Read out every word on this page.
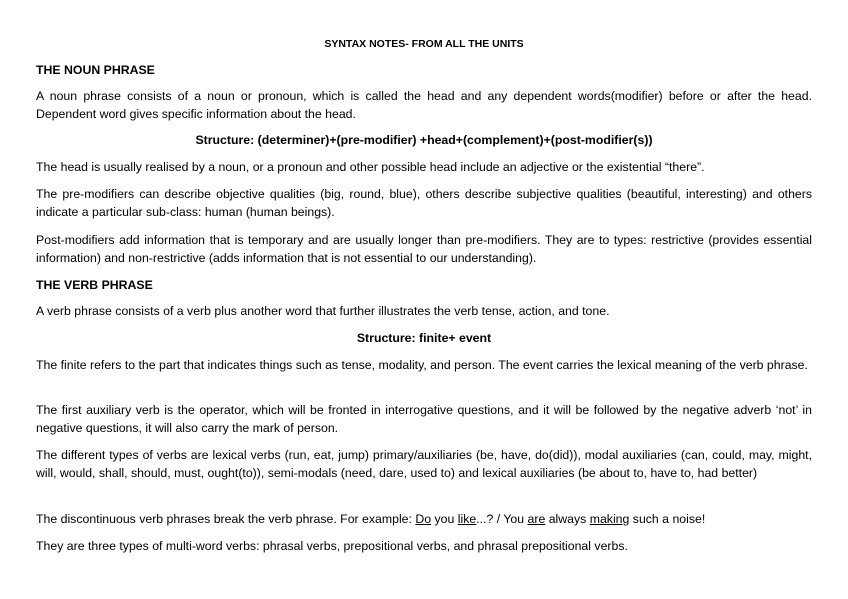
SYNTAX NOTES- FROM ALL THE UNITS
THE NOUN PHRASE
A noun phrase consists of a noun or pronoun, which is called the head and any dependent words(modifier) before or after the head. Dependent word gives specific information about the head.
Structure: (determiner)+(pre-modifier) +head+(complement)+(post-modifier(s))
The head is usually realised by a noun, or a pronoun and other possible head include an adjective or the existential “there”.
The pre-modifiers can describe objective qualities (big, round, blue), others describe subjective qualities (beautiful, interesting) and others indicate a particular sub-class: human (human beings).
Post-modifiers add information that is temporary and are usually longer than pre-modifiers. They are to types: restrictive (provides essential information) and non-restrictive (adds information that is not essential to our understanding).
THE VERB PHRASE
A verb phrase consists of a verb plus another word that further illustrates the verb tense, action, and tone.
Structure: finite+ event
The finite refers to the part that indicates things such as tense, modality, and person. The event carries the lexical meaning of the verb phrase.
The first auxiliary verb is the operator, which will be fronted in interrogative questions, and it will be followed by the negative adverb ‘not’ in negative questions, it will also carry the mark of person.
The different types of verbs are lexical verbs (run, eat, jump) primary/auxiliaries (be, have, do(did)), modal auxiliaries (can, could, may, might, will, would, shall, should, must, ought(to)), semi-modals (need, dare, used to) and lexical auxiliaries (be about to, have to, had better)
The discontinuous verb phrases break the verb phrase. For example: Do you like...? / You are always making such a noise!
They are three types of multi-word verbs: phrasal verbs, prepositional verbs, and phrasal prepositional verbs.
